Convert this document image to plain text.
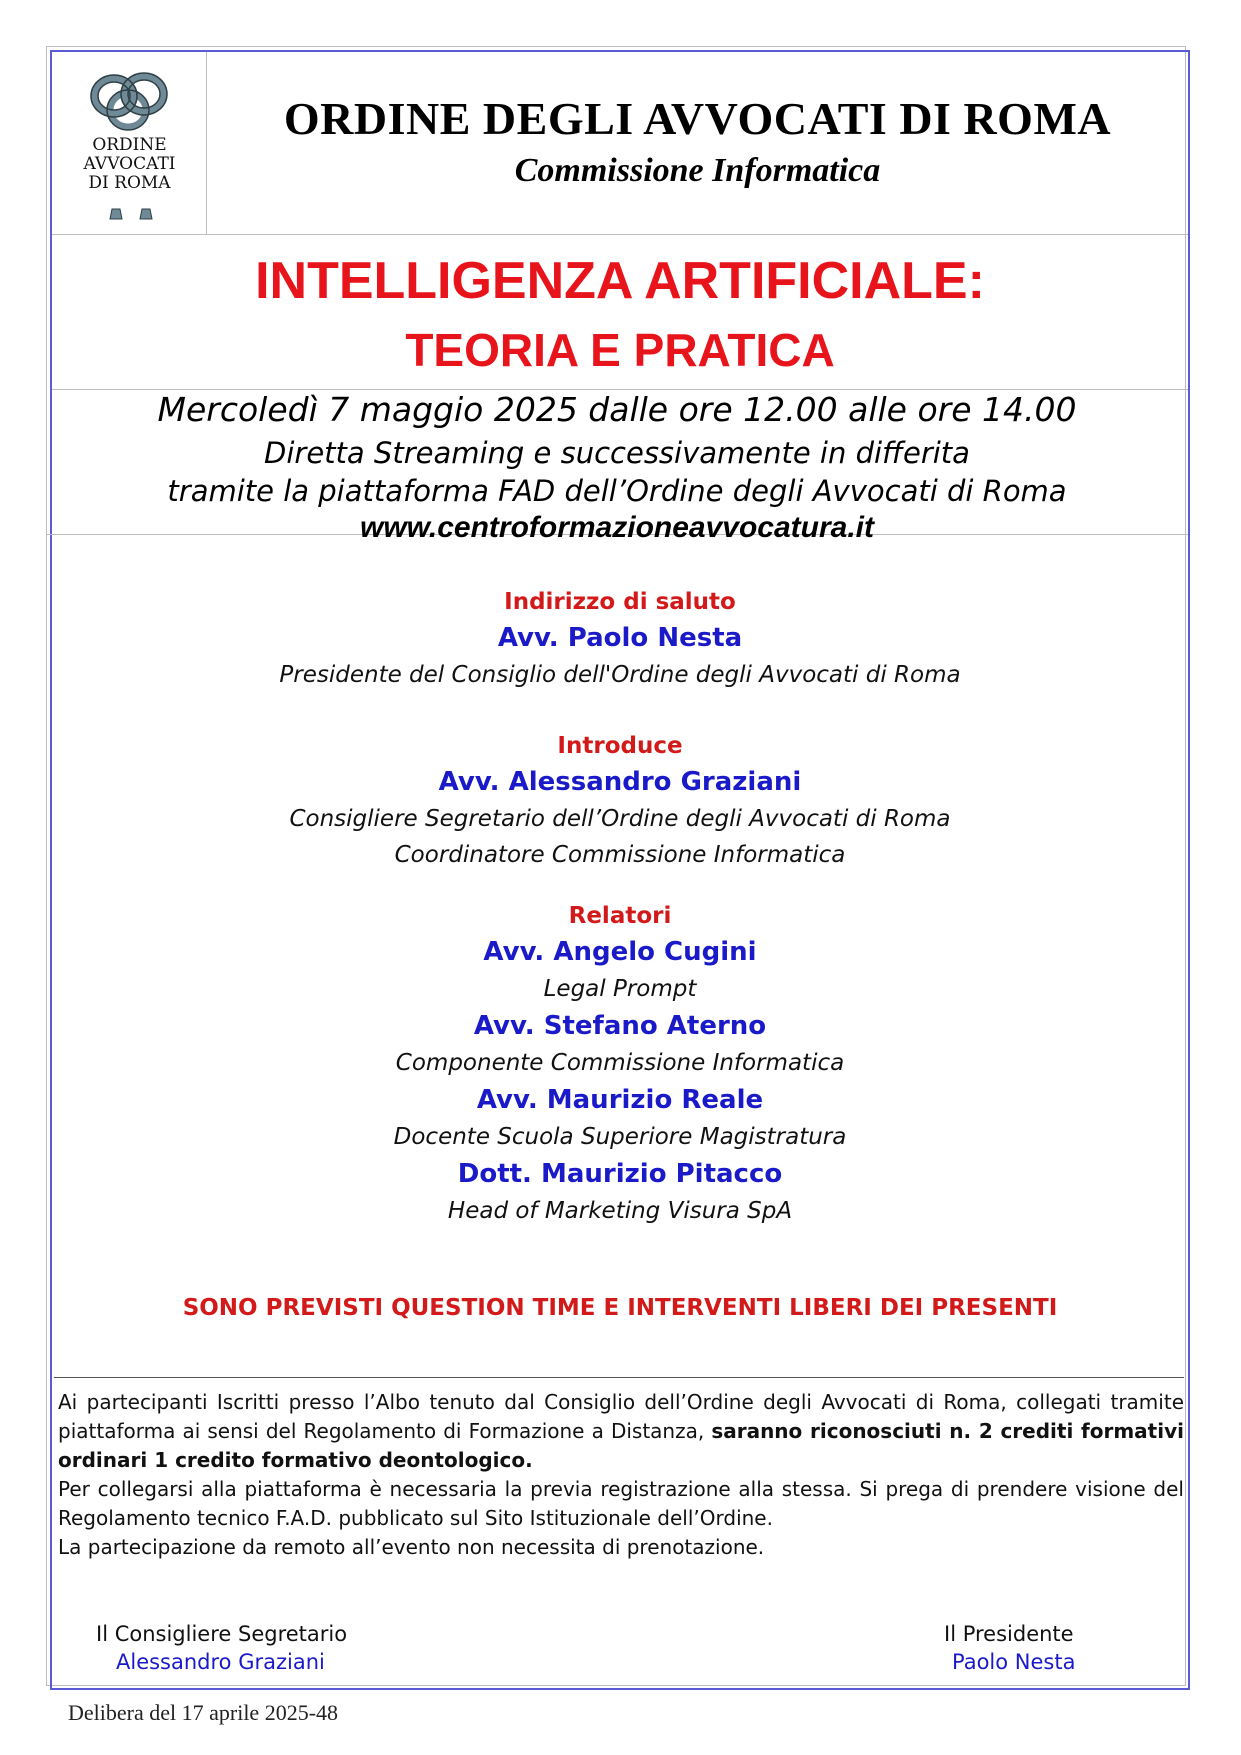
ORDINE
AVVOCATI
DI ROMA
ORDINE DEGLI AVVOCATI DI ROMA
Commissione Informatica
INTELLIGENZA ARTIFICIALE:
TEORIA E PRATICA
Mercoledì 7 maggio 2025 dalle ore 12.00 alle ore 14.00
Diretta Streaming e successivamente in differita
tramite la piattaforma FAD dell’Ordine degli Avvocati di Roma
www.centroformazioneavvocatura.it
Indirizzo di saluto
Avv. Paolo Nesta
Presidente del Consiglio dell'Ordine degli Avvocati di Roma
Introduce
Avv. Alessandro Graziani
Consigliere Segretario dell’Ordine degli Avvocati di Roma
Coordinatore Commissione Informatica
Relatori
Avv. Angelo Cugini
Legal Prompt
Avv. Stefano Aterno
Componente Commissione Informatica
Avv. Maurizio Reale
Docente Scuola Superiore Magistratura
Dott. Maurizio Pitacco
Head of Marketing Visura SpA
SONO PREVISTI QUESTION TIME E INTERVENTI LIBERI DEI PRESENTI

Ai partecipanti Iscritti presso l’Albo tenuto dal Consiglio dell’Ordine degli Avvocati di Roma, collegati tramite piattaforma ai sensi del Regolamento di Formazione a Distanza, saranno riconosciuti n. 2 crediti formativi ordinari 1 credito formativo deontologico.

Per collegarsi alla piattaforma è necessaria la previa registrazione alla stessa. Si prega di prendere visione del Regolamento tecnico F.A.D. pubblicato sul Sito Istituzionale dell’Ordine.

La partecipazione da remoto all’evento non necessita di prenotazione.

Il Consigliere Segretario
Alessandro Graziani
Il Presidente
Paolo Nesta
Delibera del 17 aprile 2025-48
